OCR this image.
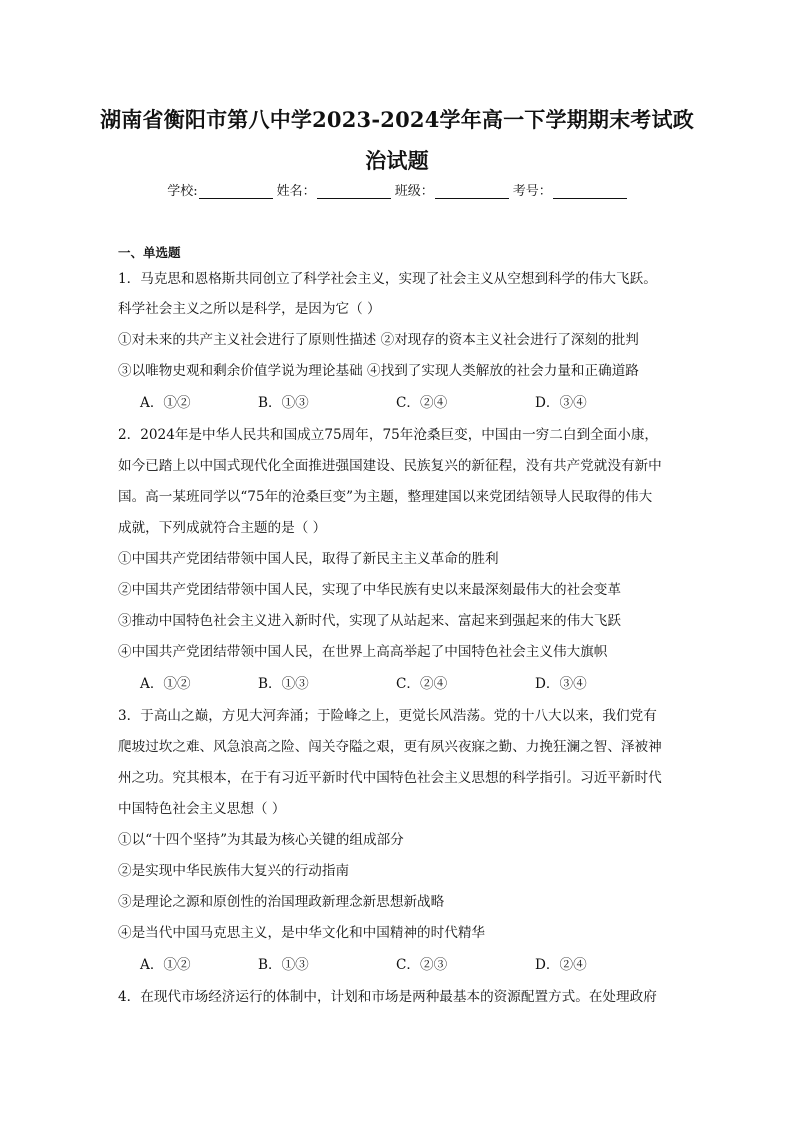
湖南省衡阳市第八中学2023-2024学年高一下学期期末考试政
治试题
学校:	姓名：	班级：	考号：
一、单选题
1．马克思和恩格斯共同创立了科学社会主义，实现了社会主义从空想到科学的伟大飞跃。
科学社会主义之所以是科学，是因为它（ ）
①对未来的共产主义社会进行了原则性描述 ②对现存的资本主义社会进行了深刻的批判
③以唯物史观和剩余价值学说为理论基础 ④找到了实现人类解放的社会力量和正确道路
A．①②	B．①③	C．②④	D．③④
2．2024年是中华人民共和国成立75周年，75年沧桑巨变，中国由一穷二白到全面小康，
如今已踏上以中国式现代化全面推进强国建设、民族复兴的新征程，没有共产党就没有新中
国。高一某班同学以“75年的沧桑巨变”为主题，整理建国以来党团结领导人民取得的伟大
成就，下列成就符合主题的是（ ）
①中国共产党团结带领中国人民，取得了新民主主义革命的胜利
②中国共产党团结带领中国人民，实现了中华民族有史以来最深刻最伟大的社会变革
③推动中国特色社会主义进入新时代，实现了从站起来、富起来到强起来的伟大飞跃
④中国共产党团结带领中国人民，在世界上高高举起了中国特色社会主义伟大旗帜
A．①②	B．①③	C．②④	D．③④
3．于高山之巅，方见大河奔涌；于险峰之上，更觉长风浩荡。党的十八大以来，我们党有
爬坡过坎之难、风急浪高之险、闯关夺隘之艰，更有夙兴夜寐之勤、力挽狂澜之智、泽被神
州之功。究其根本，在于有习近平新时代中国特色社会主义思想的科学指引。习近平新时代
中国特色社会主义思想（ ）
①以“十四个坚持”为其最为核心关键的组成部分
②是实现中华民族伟大复兴的行动指南
③是理论之源和原创性的治国理政新理念新思想新战略
④是当代中国马克思主义，是中华文化和中国精神的时代精华
A．①②	B．①③	C．②③	D．②④
4．在现代市场经济运行的体制中，计划和市场是两种最基本的资源配置方式。在处理政府
